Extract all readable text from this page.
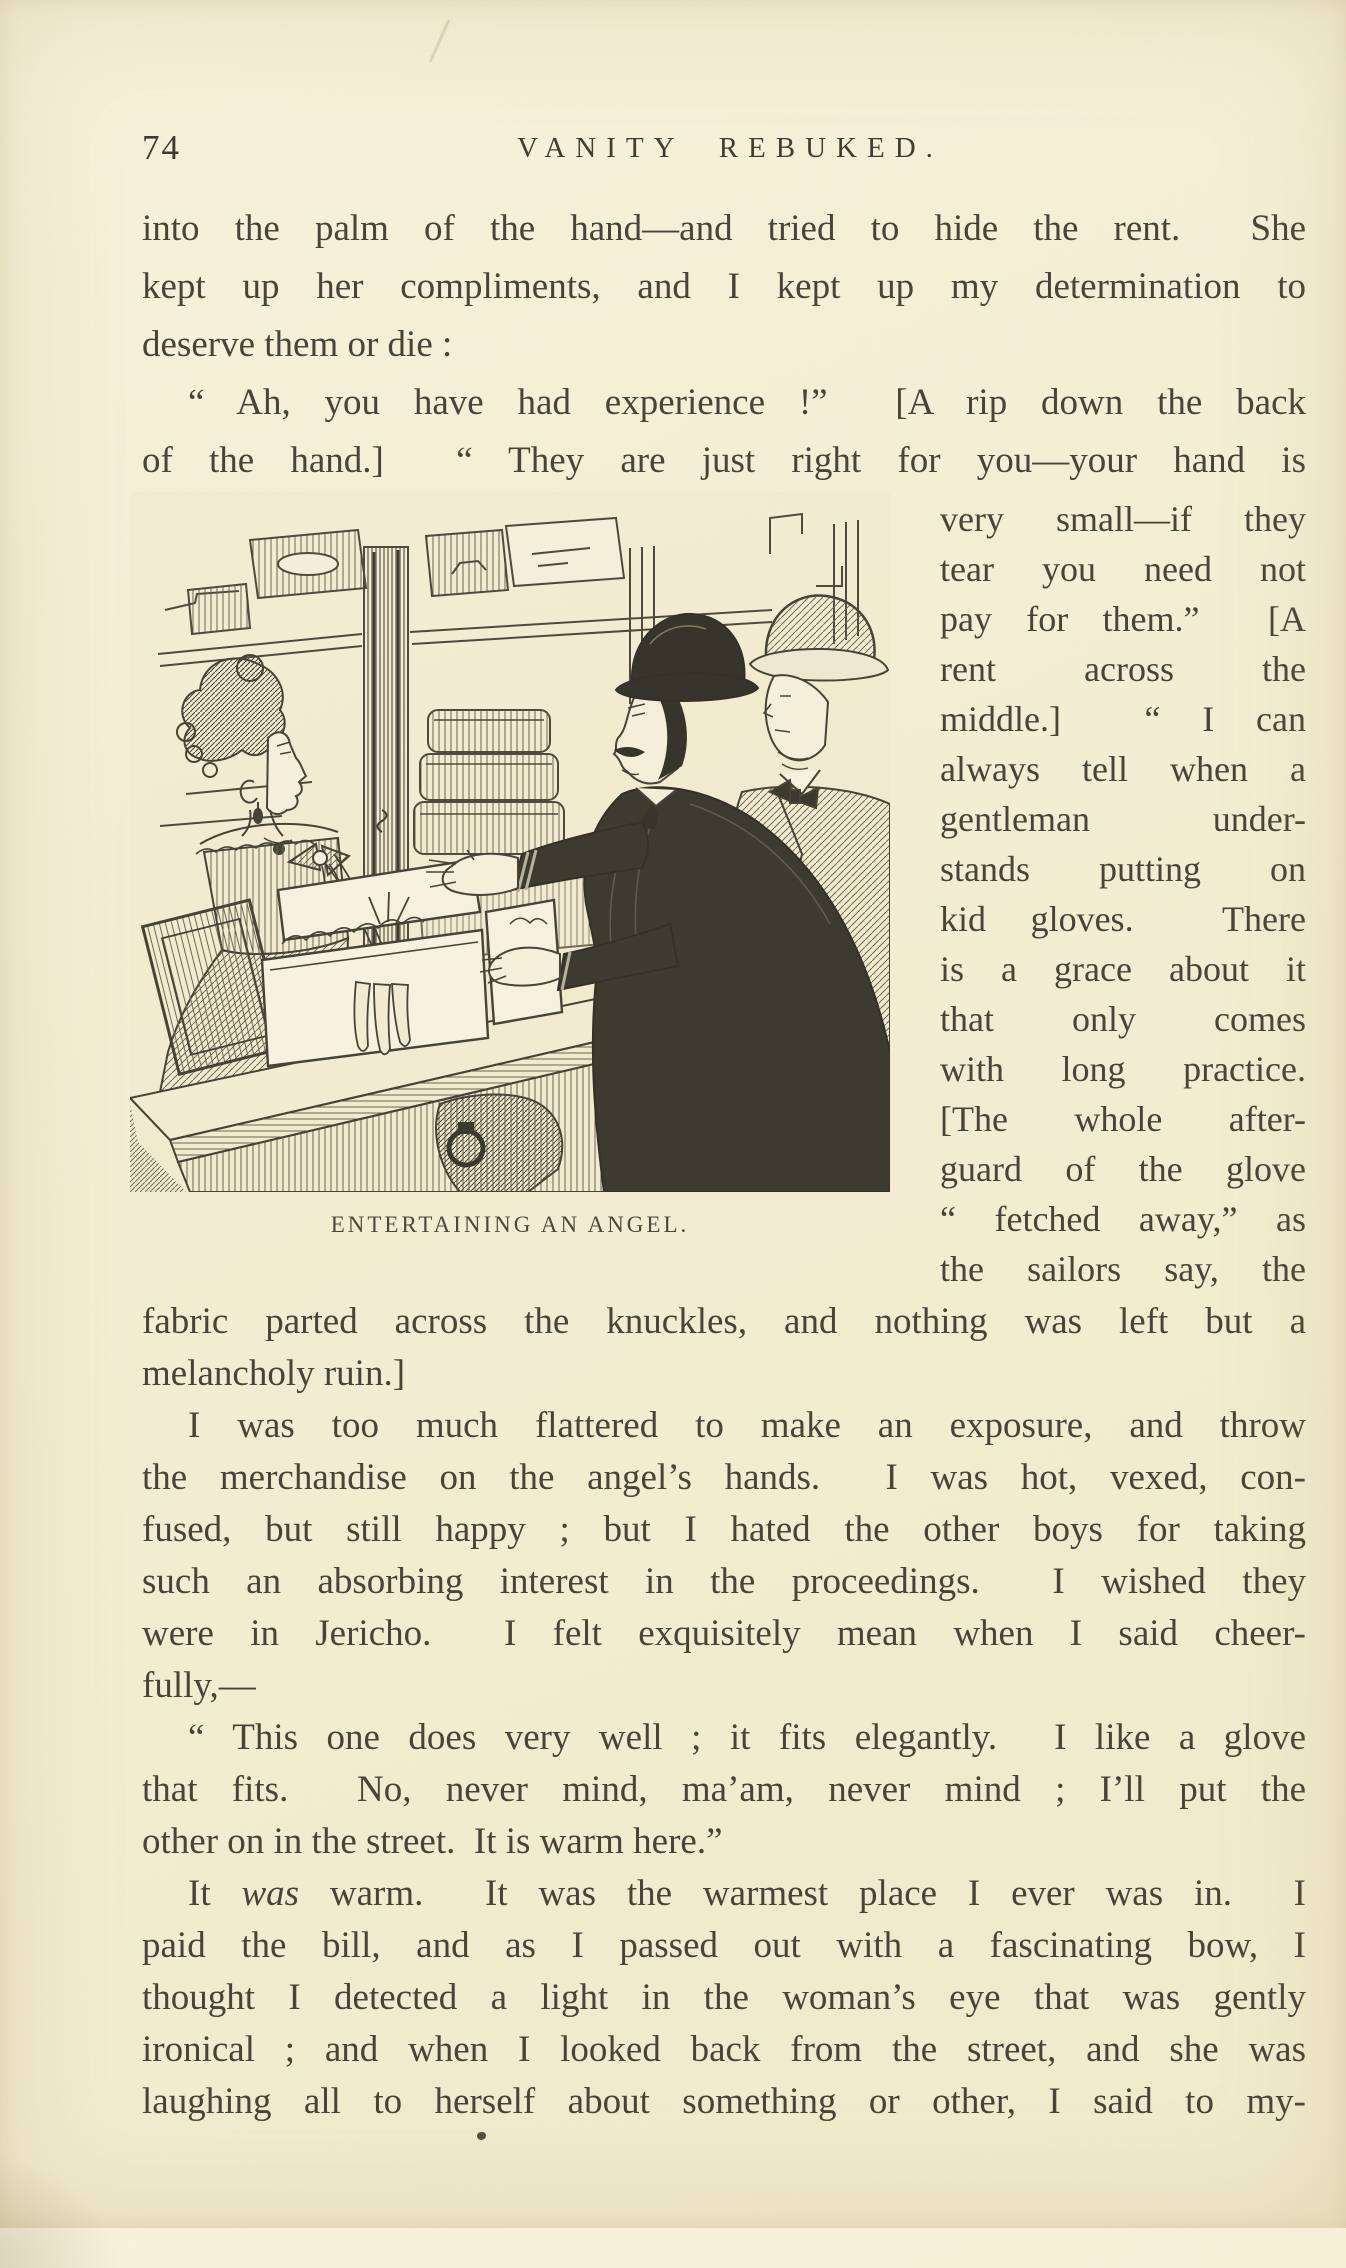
74	VANITY REBUKED.
into the palm of the hand—and tried to hide the rent.  She
kept up her compliments, and I kept up my determination to
deserve them or die :
“ Ah, you have had experience !”  [A rip down the back
of the hand.]  “ They are just right for you—your hand is
ENTERTAINING AN ANGEL.
very small—if they
tear you need not
pay for them.”  [A
rent across the
middle.]  “ I can
always tell when a
gentleman under-
stands putting on
kid gloves.  There
is a grace about it
that only comes
with long practice.
[The whole after-
guard of the glove
“ fetched away,” as
the sailors say, the
fabric parted across the knuckles, and nothing was left but a
melancholy ruin.]
I was too much flattered to make an exposure, and throw
the merchandise on the angel’s hands.  I was hot, vexed, con-
fused, but still happy ; but I hated the other boys for taking
such an absorbing interest in the proceedings.  I wished they
were in Jericho.  I felt exquisitely mean when I said cheer-
fully,—
“ This one does very well ; it fits elegantly.  I like a glove
that fits.  No, never mind, ma’am, never mind ; I’ll put the
other on in the street.  It is warm here.”
It was warm.  It was the warmest place I ever was in.  I
paid the bill, and as I passed out with a fascinating bow, I
thought I detected a light in the woman’s eye that was gently
ironical ; and when I looked back from the street, and she was
laughing all to herself about something or other, I said to my-
